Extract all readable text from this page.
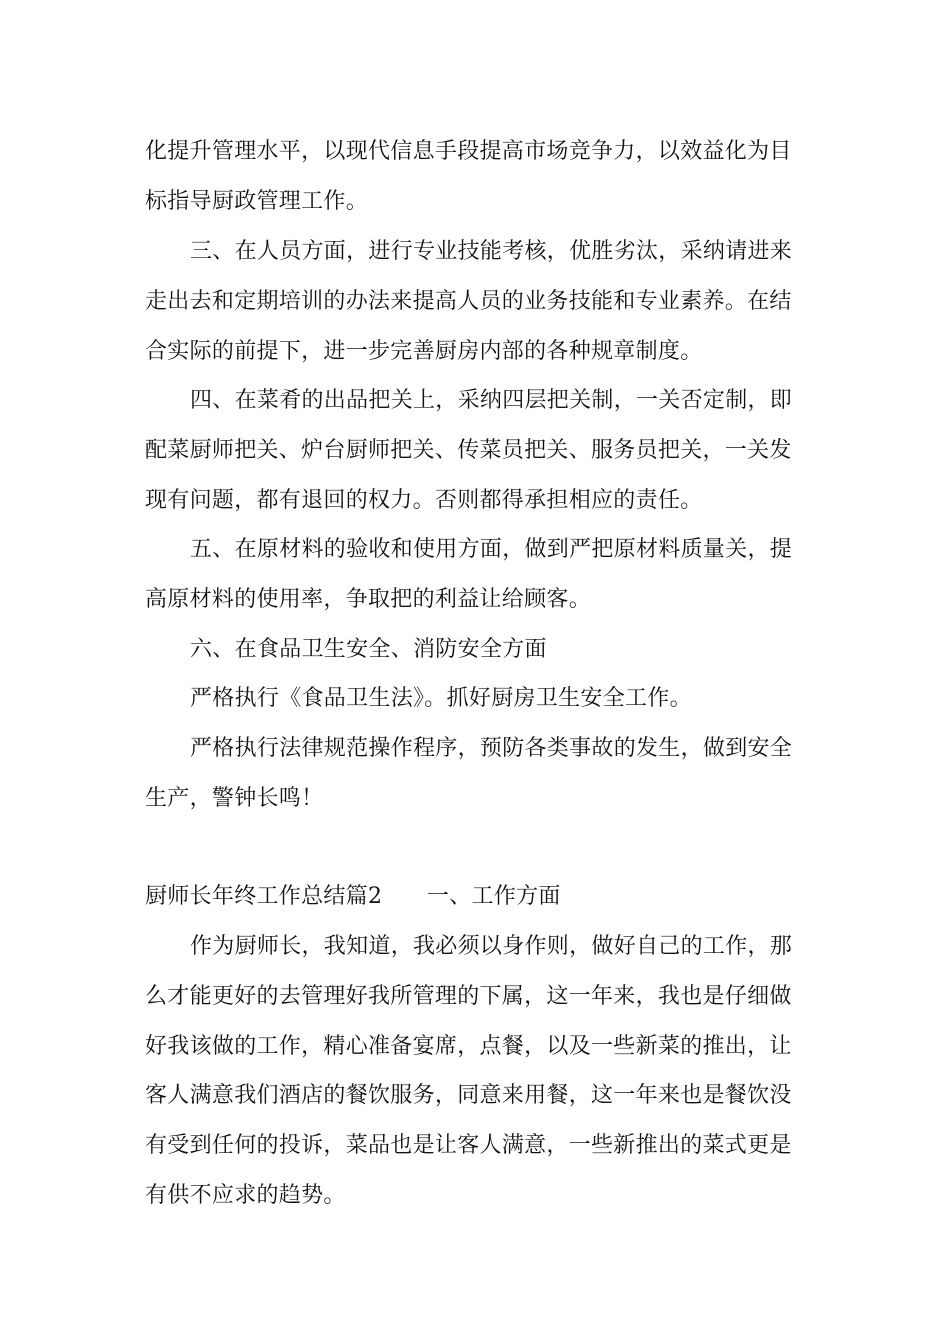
化提升管理水平，以现代信息手段提高市场竞争力，以效益化为目
标指导厨政管理工作。
三、在人员方面，进行专业技能考核，优胜劣汰，采纳请进来
走出去和定期培训的办法来提高人员的业务技能和专业素养。在结
合实际的前提下，进一步完善厨房内部的各种规章制度。
四、在菜肴的出品把关上，采纳四层把关制，一关否定制，即
配菜厨师把关、炉台厨师把关、传菜员把关、服务员把关，一关发
现有问题，都有退回的权力。否则都得承担相应的责任。
五、在原材料的验收和使用方面，做到严把原材料质量关，提
高原材料的使用率，争取把的利益让给顾客。
六、在食品卫生安全、消防安全方面
严格执行《食品卫生法》。抓好厨房卫生安全工作。
严格执行法律规范操作程序，预防各类事故的发生，做到安全
生产，警钟长鸣！
厨师长年终工作总结篇2　　一、工作方面
作为厨师长，我知道，我必须以身作则，做好自己的工作，那
么才能更好的去管理好我所管理的下属，这一年来，我也是仔细做
好我该做的工作，精心准备宴席，点餐，以及一些新菜的推出，让
客人满意我们酒店的餐饮服务，同意来用餐，这一年来也是餐饮没
有受到任何的投诉，菜品也是让客人满意，一些新推出的菜式更是
有供不应求的趋势。
